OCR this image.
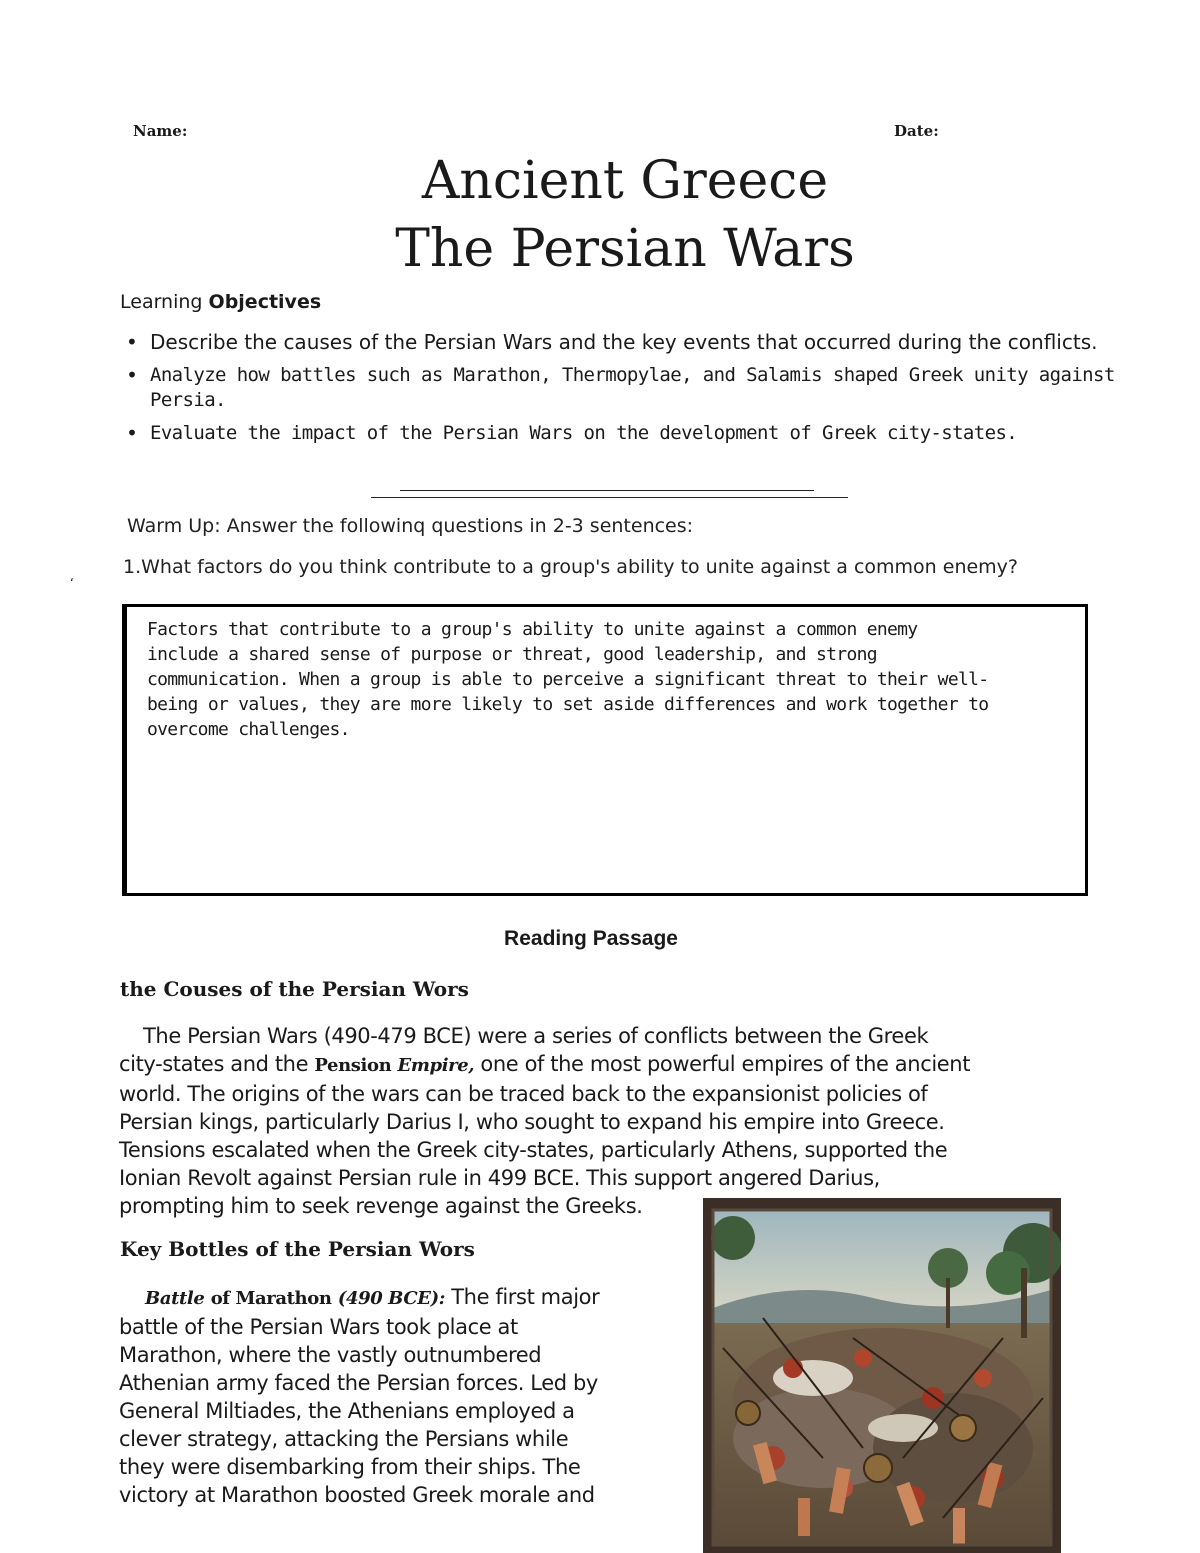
Name:	Date:
Ancient Greece
The Persian Wars
Learning Objectives
• Describe the causes of the Persian Wars and the key events that occurred during the conflicts.
• Analyze how battles such as Marathon, Thermopylae, and Salamis shaped Greek unity against Persia.
• Evaluate the impact of the Persian Wars on the development of Greek city-states.
Warm Up: Answer the followinq questions in 2-3 sentences:
1.What factors do you think contribute to a group's ability to unite against a common enemy?
‘
Factors that contribute to a group's ability to unite against a common enemy
include a shared sense of purpose or threat, good leadership, and strong
communication. When a group is able to perceive a significant threat to their well-
being or values, they are more likely to set aside differences and work together to
overcome challenges.
Reading Passage
the Couses of the Persian Wors
The Persian Wars (490-479 BCE) were a series of conflicts between the Greek
city-states and the Pension Empire, one of the most powerful empires of the ancient
world. The origins of the wars can be traced back to the expansionist policies of
Persian kings, particularly Darius I, who sought to expand his empire into Greece.
Tensions escalated when the Greek city-states, particularly Athens, supported the
Ionian Revolt against Persian rule in 499 BCE. This support angered Darius,
prompting him to seek revenge against the Greeks.
Key Bottles of the Persian Wors
Battle of Marathon (490 BCE): The first major
battle of the Persian Wars took place at
Marathon, where the vastly outnumbered
Athenian army faced the Persian forces. Led by
General Miltiades, the Athenians employed a
clever strategy, attacking the Persians while
they were disembarking from their ships. The
victory at Marathon boosted Greek morale and
